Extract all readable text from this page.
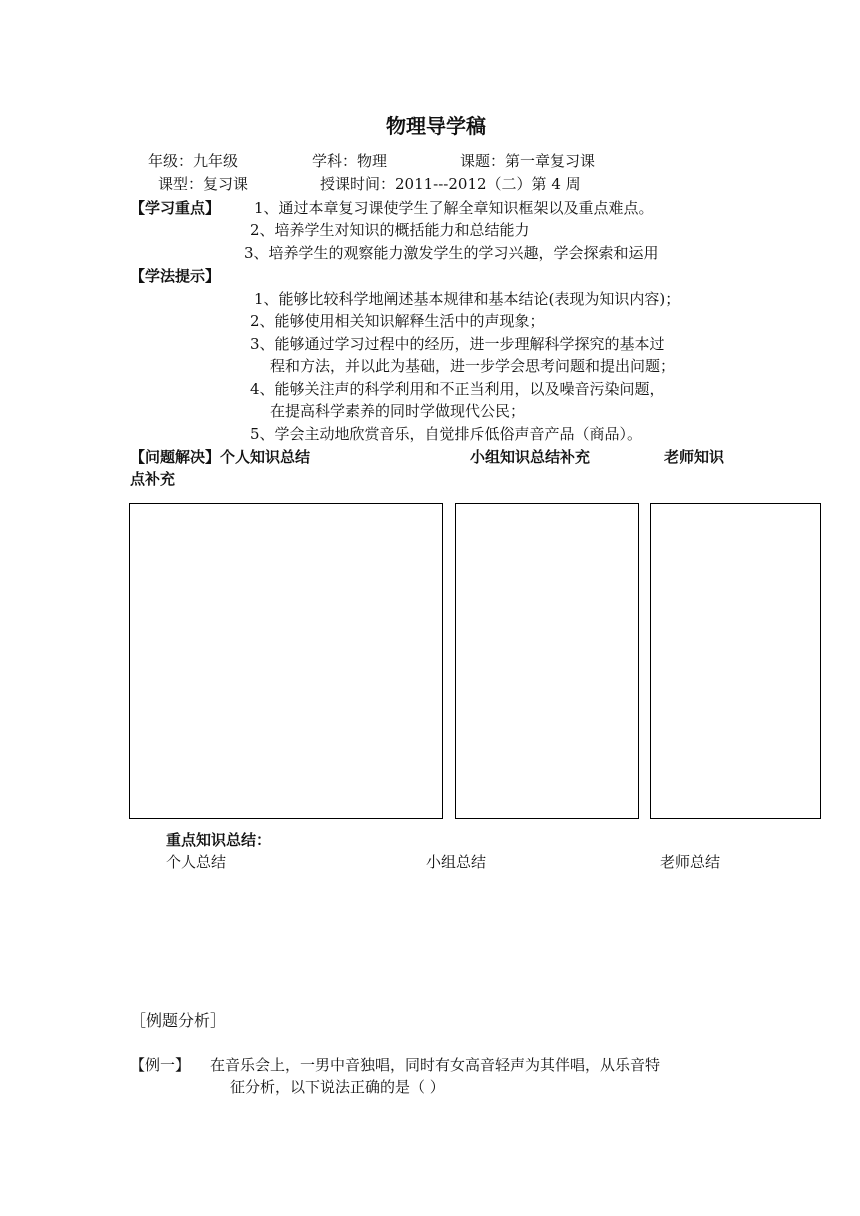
物理导学稿
年级：九年级	学科：物理	课题：第一章复习课
课型：复习课	授课时间：2011---2012（二）第 4 周
【学习重点】 1、通过本章复习课使学生了解全章知识框架以及重点难点。
2、培养学生对知识的概括能力和总结能力
3、培养学生的观察能力激发学生的学习兴趣，学会探索和运用
【学法提示】
1、能够比较科学地阐述基本规律和基本结论(表现为知识内容)；
2、能够使用相关知识解释生活中的声现象；
3、能够通过学习过程中的经历，进一步理解科学探究的基本过
程和方法，并以此为基础，进一步学会思考问题和提出问题；
4、能够关注声的科学利用和不正当利用，以及噪音污染问题，
在提高科学素养的同时学做现代公民；
5、学会主动地欣赏音乐，自觉排斥低俗声音产品（商品）。
【问题解决】个人知识总结	小组知识总结补充	老师知识
点补充
重点知识总结：
个人总结	小组总结	老师总结
［例题分析］
【例一】 在音乐会上，一男中音独唱，同时有女高音轻声为其伴唱，从乐音特
征分析，以下说法正确的是（ ）
